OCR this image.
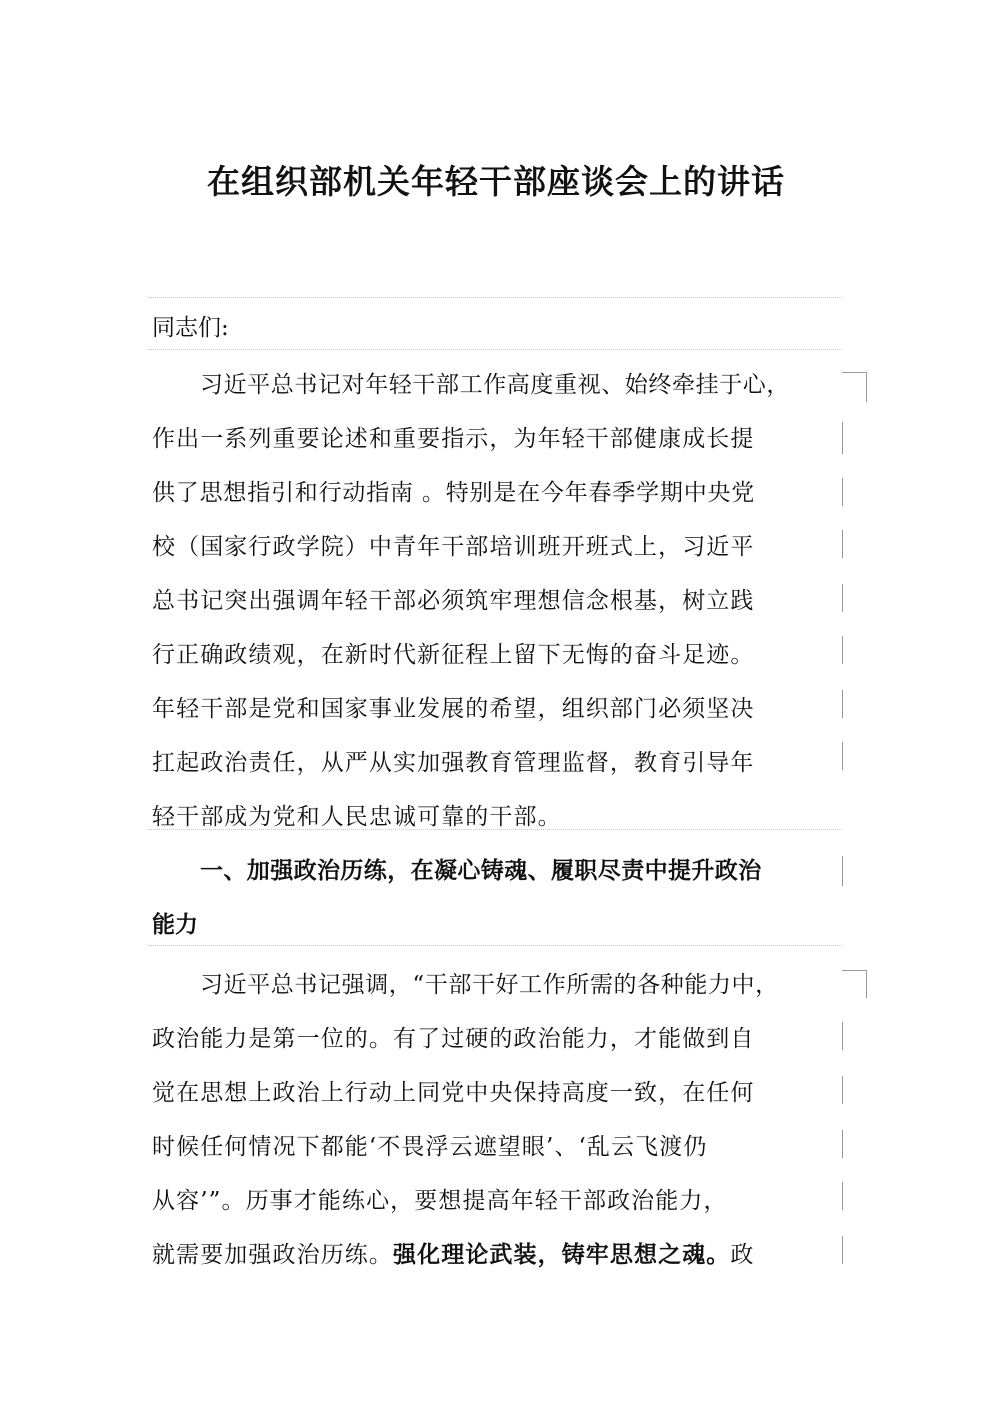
在组织部机关年轻干部座谈会上的讲话
同志们:
习近平总书记对年轻干部工作高度重视、始终牵挂于心，
作出一系列重要论述和重要指示，为年轻干部健康成长提
供了思想指引和行动指南 。特别是在今年春季学期中央党
校（国家行政学院）中青年干部培训班开班式上，习近平
总书记突出强调年轻干部必须筑牢理想信念根基，树立践
行正确政绩观，在新时代新征程上留下无悔的奋斗足迹。
年轻干部是党和国家事业发展的希望，组织部门必须坚决
扛起政治责任，从严从实加强教育管理监督，教育引导年
轻干部成为党和人民忠诚可靠的干部。
一、加强政治历练，在凝心铸魂、履职尽责中提升政治
能力
习近平总书记强调，“干部干好工作所需的各种能力中，
政治能力是第一位的。有了过硬的政治能力，才能做到自
觉在思想上政治上行动上同党中央保持高度一致，在任何
时候任何情况下都能‘不畏浮云遮望眼’、‘乱云飞渡仍
从容’”。历事才能练心，要想提高年轻干部政治能力，
就需要加强政治历练。强化理论武装，铸牢思想之魂。政
